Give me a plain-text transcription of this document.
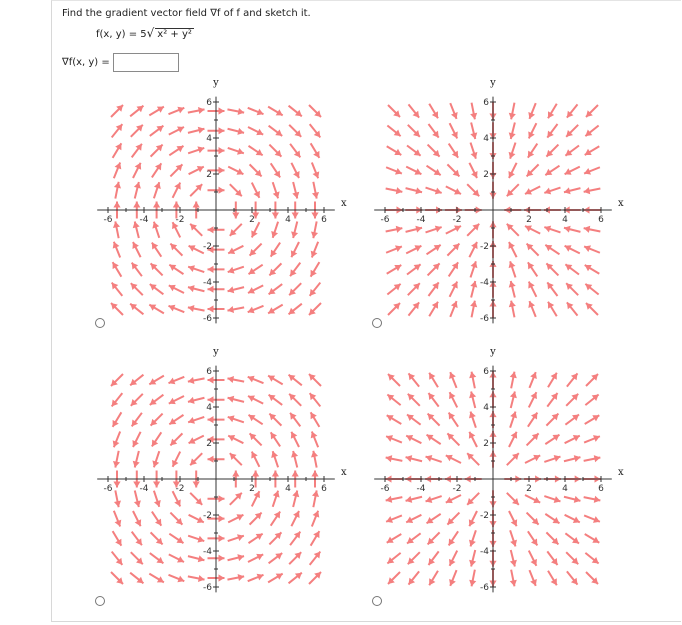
Find the gradient vector field ∇f of f and sketch it.
f(x, y) = 5√ x² + y²
∇f(x, y) =
-6	-4	-2	2	4	6
6
4
2
-2
-4
-6
x
y
-6	-4	-2	2	4	6
6
4
2
-2
-4
-6
x
y
-6	-4	-2	2	4	6
6
4
2
-2
-4
-6
x
y
-6	-4	-2	2	4	6
6
4
2
-2
-4
-6
x
y
